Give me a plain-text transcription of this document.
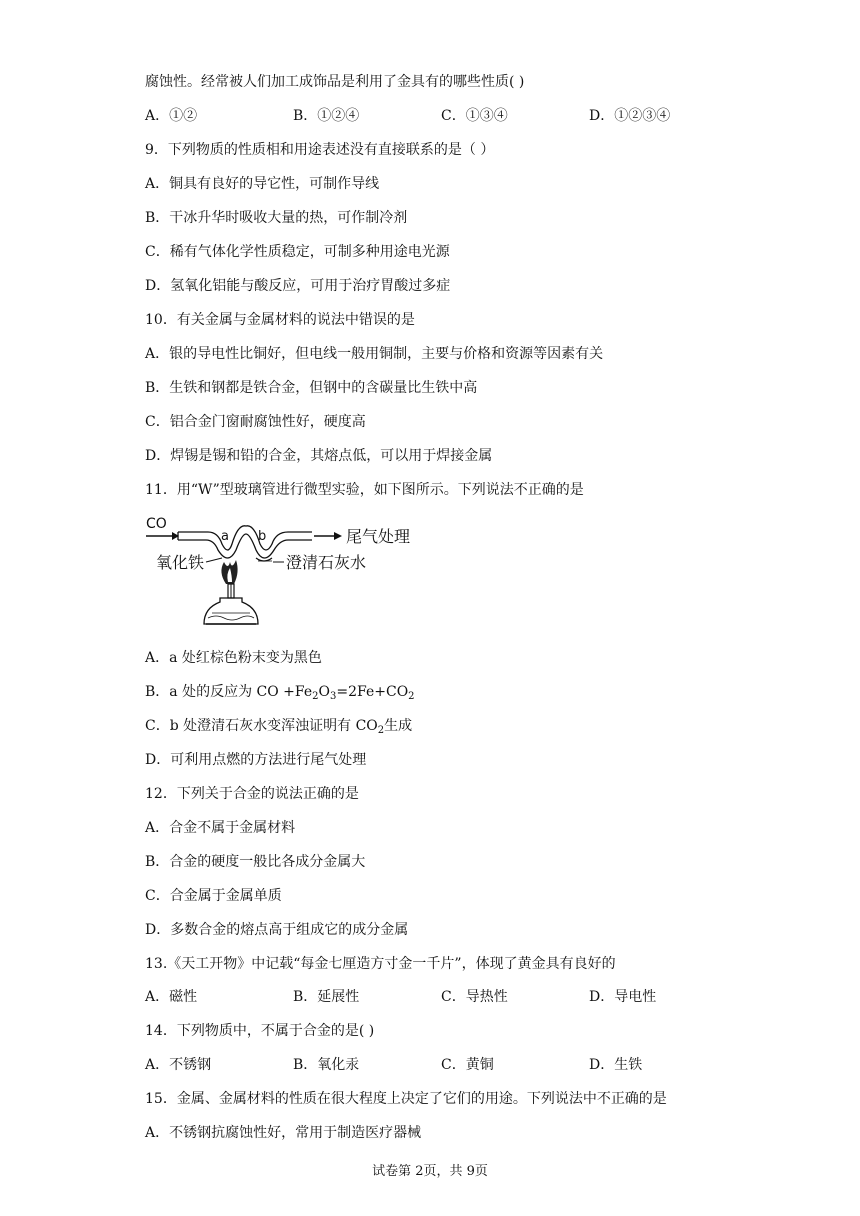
腐蚀性。经常被人们加工成饰品是利用了金具有的哪些性质( )
A．①②	B．①②④	C．①③④	D．①②③④
9．下列物质的性质相和用途表述没有直接联系的是（ ）
A．铜具有良好的导它性，可制作导线
B．干冰升华时吸收大量的热，可作制冷剂
C．稀有气体化学性质稳定，可制多种用途电光源
D．氢氧化铝能与酸反应，可用于治疗胃酸过多症
10．有关金属与金属材料的说法中错误的是
A．银的导电性比铜好，但电线一般用铜制，主要与价格和资源等因素有关
B．生铁和钢都是铁合金，但钢中的含碳量比生铁中高
C．铝合金门窗耐腐蚀性好，硬度高
D．焊锡是锡和铅的合金，其熔点低，可以用于焊接金属
11．用“W”型玻璃管进行微型实验，如下图所示。下列说法不正确的是
CO
a b	尾气处理
氧化铁	澄清石灰水
A．a 处红棕色粉末变为黑色
B．a 处的反应为 CO $+Fe_2O_3=2Fe+CO_2$
C．b 处澄清石灰水变浑浊证明有 $CO_2$生成
D．可利用点燃的方法进行尾气处理
12．下列关于合金的说法正确的是
A．合金不属于金属材料
B．合金的硬度一般比各成分金属大
C．合金属于金属单质
D．多数合金的熔点高于组成它的成分金属
13.《天工开物》中记载“每金七厘造方寸金一千片”，体现了黄金具有良好的
A．磁性	B．延展性	C．导热性	D．导电性
14．下列物质中，不属于合金的是( )
A．不锈钢	B．氧化汞	C．黄铜	D．生铁
15．金属、金属材料的性质在很大程度上决定了它们的用途。下列说法中不正确的是
A．不锈钢抗腐蚀性好，常用于制造医疗器械
试卷第 2页，共 9页
